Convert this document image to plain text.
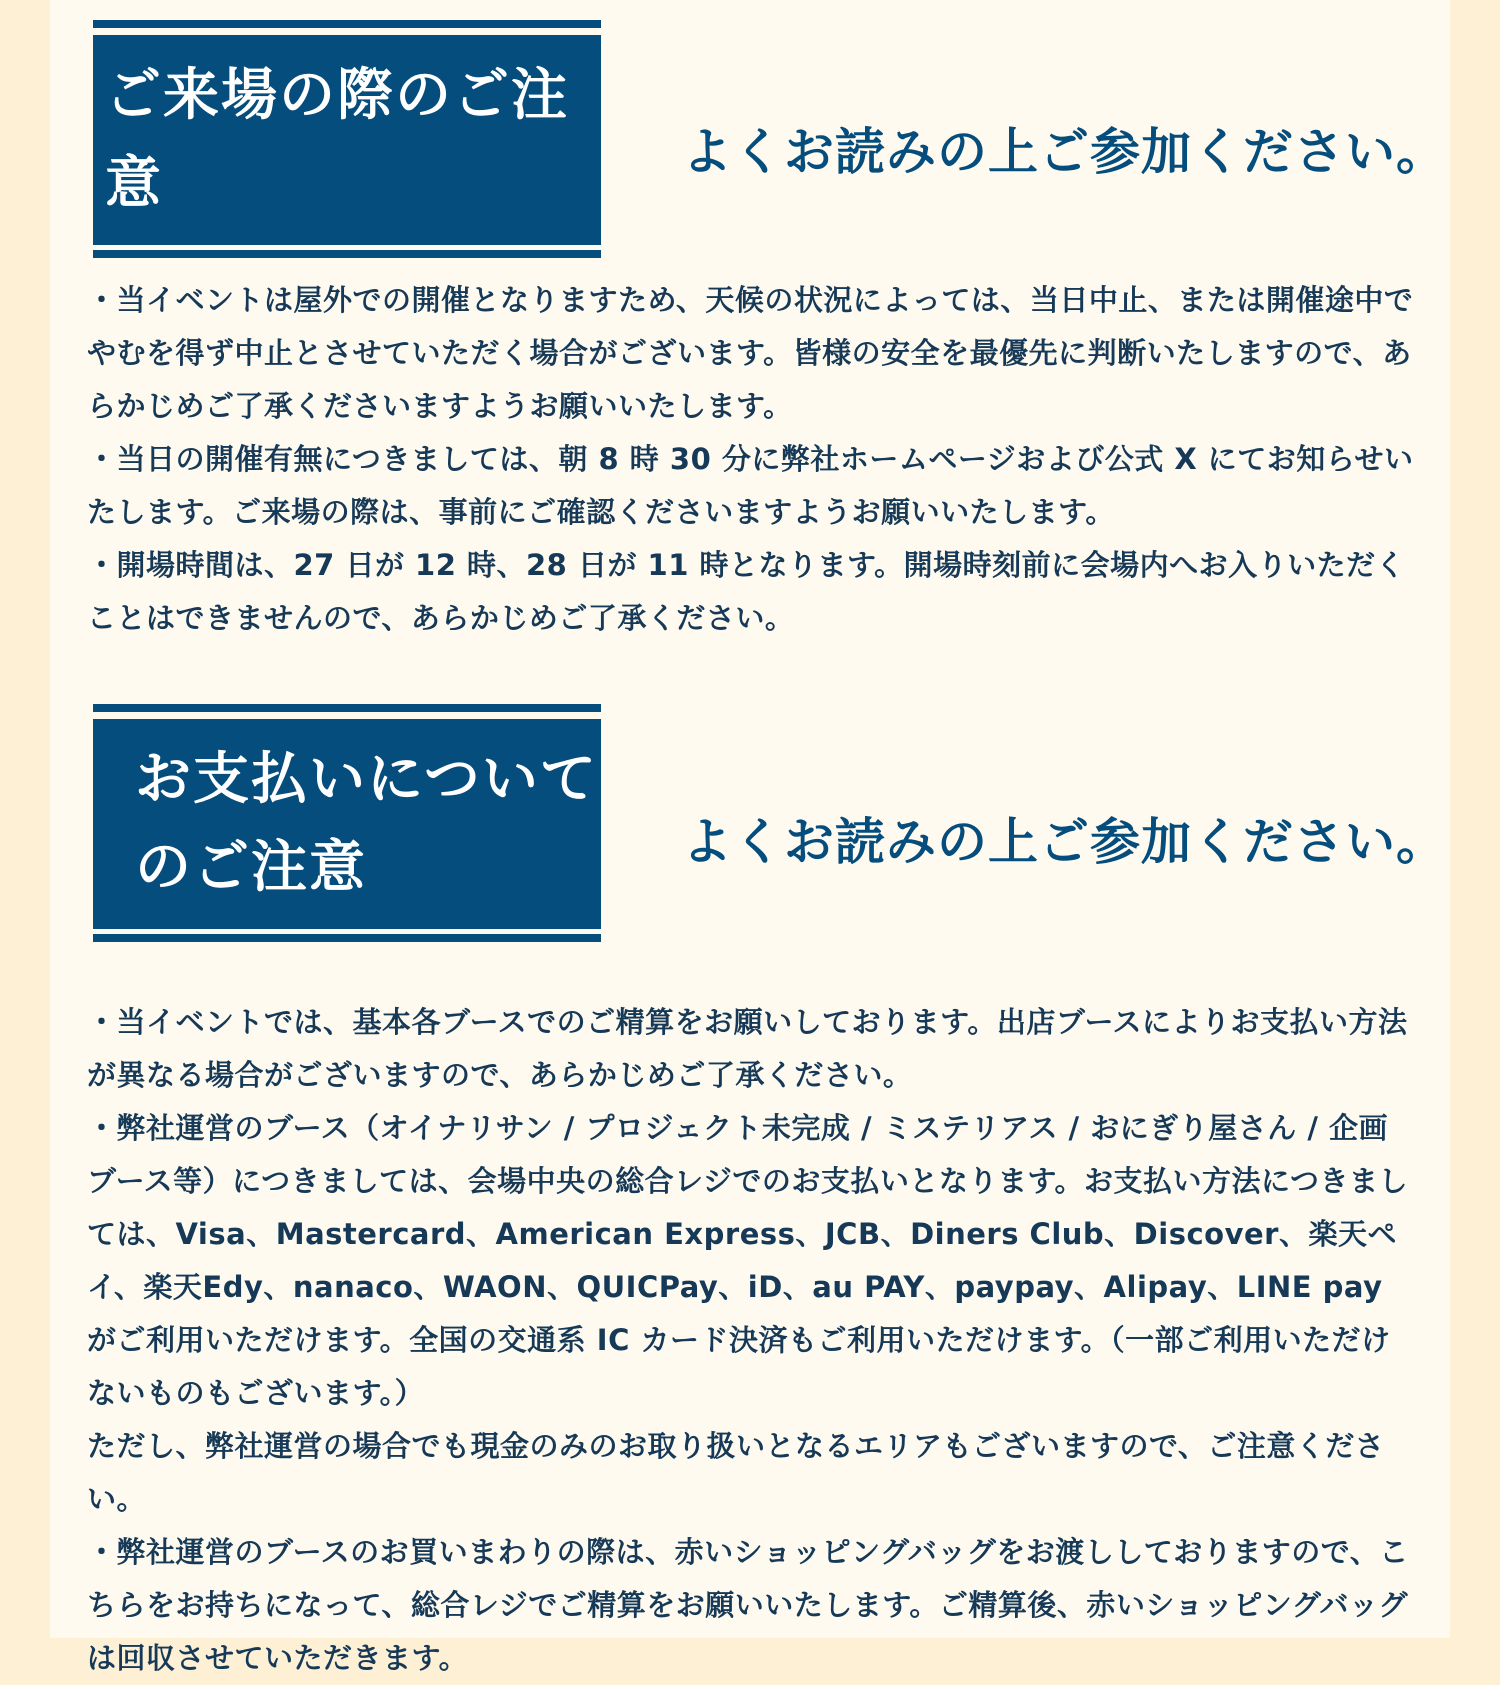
ご来場の際のご注意	よくお読みの上ご参加ください。

・当イベントは屋外での開催となりますため、天候の状況によっては、当日中止、または開催途中でやむを得ず中止とさせていただく場合がございます。皆様の安全を最優先に判断いたしますので、あらかじめご了承くださいますようお願いいたします。

・当日の開催有無につきましては、朝 8 時 30 分に弊社ホームページおよび公式 X にてお知らせいたします。ご来場の際は、事前にご確認くださいますようお願いいたします。

・開場時間は、27 日が 12 時、28 日が 11 時となります。開場時刻前に会場内へお入りいただくことはできませんので、あらかじめご了承ください。

お支払いについて
のご注意	よくお読みの上ご参加ください。

・当イベントでは、基本各ブースでのご精算をお願いしております。出店ブースによりお支払い方法が異なる場合がございますので、あらかじめご了承ください。

・弊社運営のブース（オイナリサン / プロジェクト未完成 / ミステリアス / おにぎり屋さん / 企画ブース等）につきましては、会場中央の総合レジでのお支払いとなります。お支払い方法につきましては、Visa、Mastercard、American Express、JCB、Diners Club、Discover、楽天ペイ、楽天Edy、nanaco、WAON、QUICPay、iD、au PAY、paypay、Alipay、LINE pay がご利用いただけます。全国の交通系 IC カード決済もご利用いただけます。（一部ご利用いただけないものもございます。）

ただし、弊社運営の場合でも現金のみのお取り扱いとなるエリアもございますので、ご注意ください。

・弊社運営のブースのお買いまわりの際は、赤いショッピングバッグをお渡ししておりますので、こちらをお持ちになって、総合レジでご精算をお願いいたします。ご精算後、赤いショッピングバッグは回収させていただきます。
